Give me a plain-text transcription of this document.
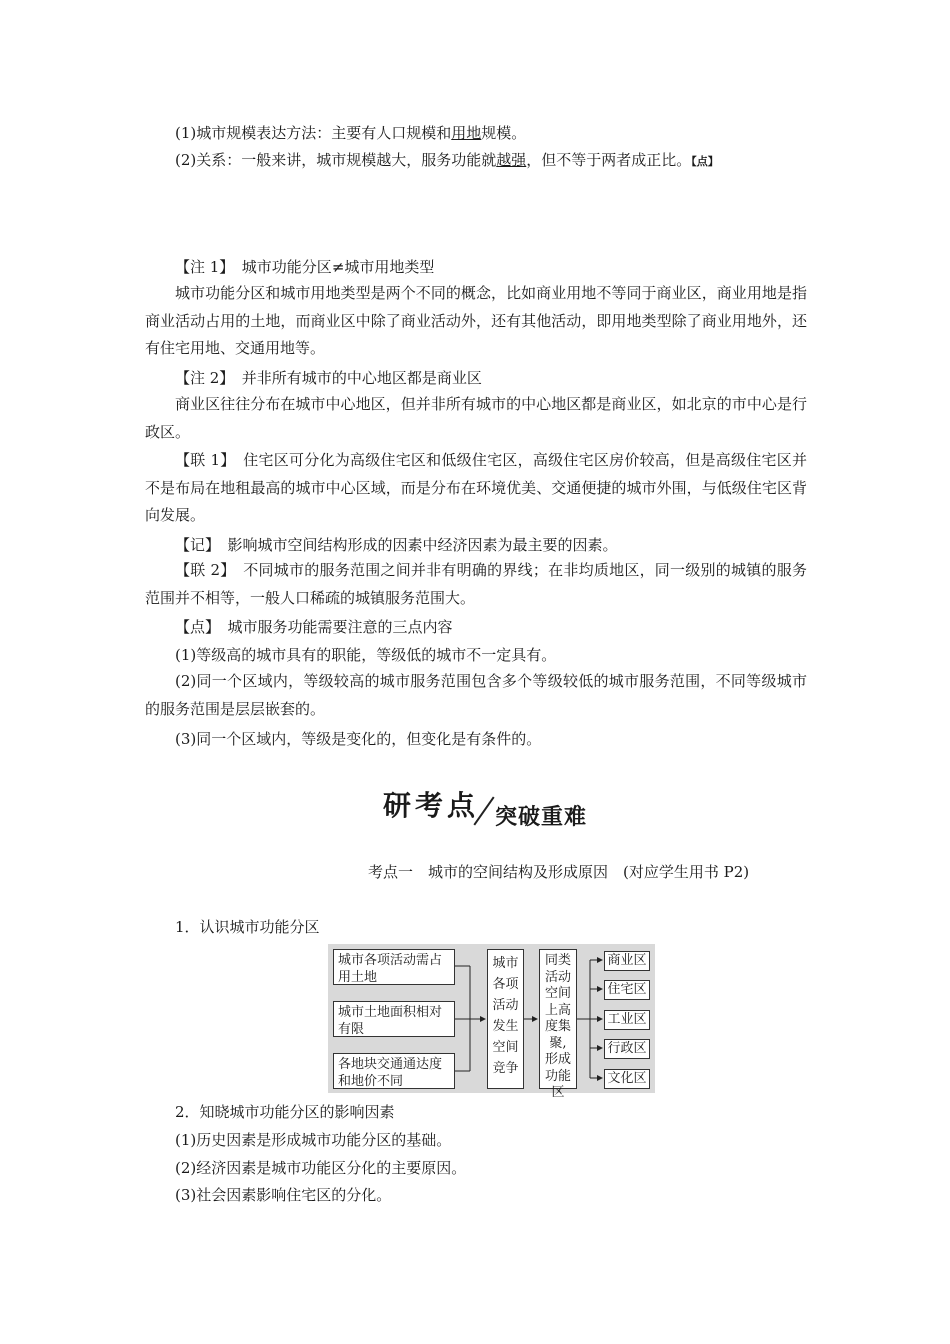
(1)城市规模表达方法：主要有人口规模和用地规模。
(2)关系：一般来讲，城市规模越大，服务功能就越强，但不等于两者成正比。【点】
【注 1】　城市功能分区≠城市用地类型
城市功能分区和城市用地类型是两个不同的概念，比如商业用地不等同于商业区，商业用地是指商业活动占用的土地，而商业区中除了商业活动外，还有其他活动，即用地类型除了商业用地外，还有住宅用地、交通用地等。
【注 2】　并非所有城市的中心地区都是商业区
商业区往往分布在城市中心地区，但并非所有城市的中心地区都是商业区，如北京的市中心是行政区。
【联 1】　住宅区可分化为高级住宅区和低级住宅区，高级住宅区房价较高，但是高级住宅区并不是布局在地租最高的城市中心区域，而是分布在环境优美、交通便捷的城市外围，与低级住宅区背向发展。
【记】　影响城市空间结构形成的因素中经济因素为最主要的因素。
【联 2】　不同城市的服务范围之间并非有明确的界线；在非均质地区，同一级别的城镇的服务范围并不相等，一般人口稀疏的城镇服务范围大。
【点】　城市服务功能需要注意的三点内容
(1)等级高的城市具有的职能，等级低的城市不一定具有。
(2)同一个区域内，等级较高的城市服务范围包含多个等级较低的城市服务范围，不同等级城市的服务范围是层层嵌套的。
(3)同一个区域内，等级是变化的，但变化是有条件的。
研考点 突破重难
考点一　城市的空间结构及形成原因　(对应学生用书 P2)
1．认识城市功能分区
城市各项活动需占用土地
城市土地面积相对有限
各地块交通通达度和地价不同
城市各项活动发生空间竞争
同类活动空间上高度集聚,形成功能区
商业区
住宅区
工业区
行政区
文化区
2．知晓城市功能分区的影响因素
(1)历史因素是形成城市功能分区的基础。
(2)经济因素是城市功能区分化的主要原因。
(3)社会因素影响住宅区的分化。
